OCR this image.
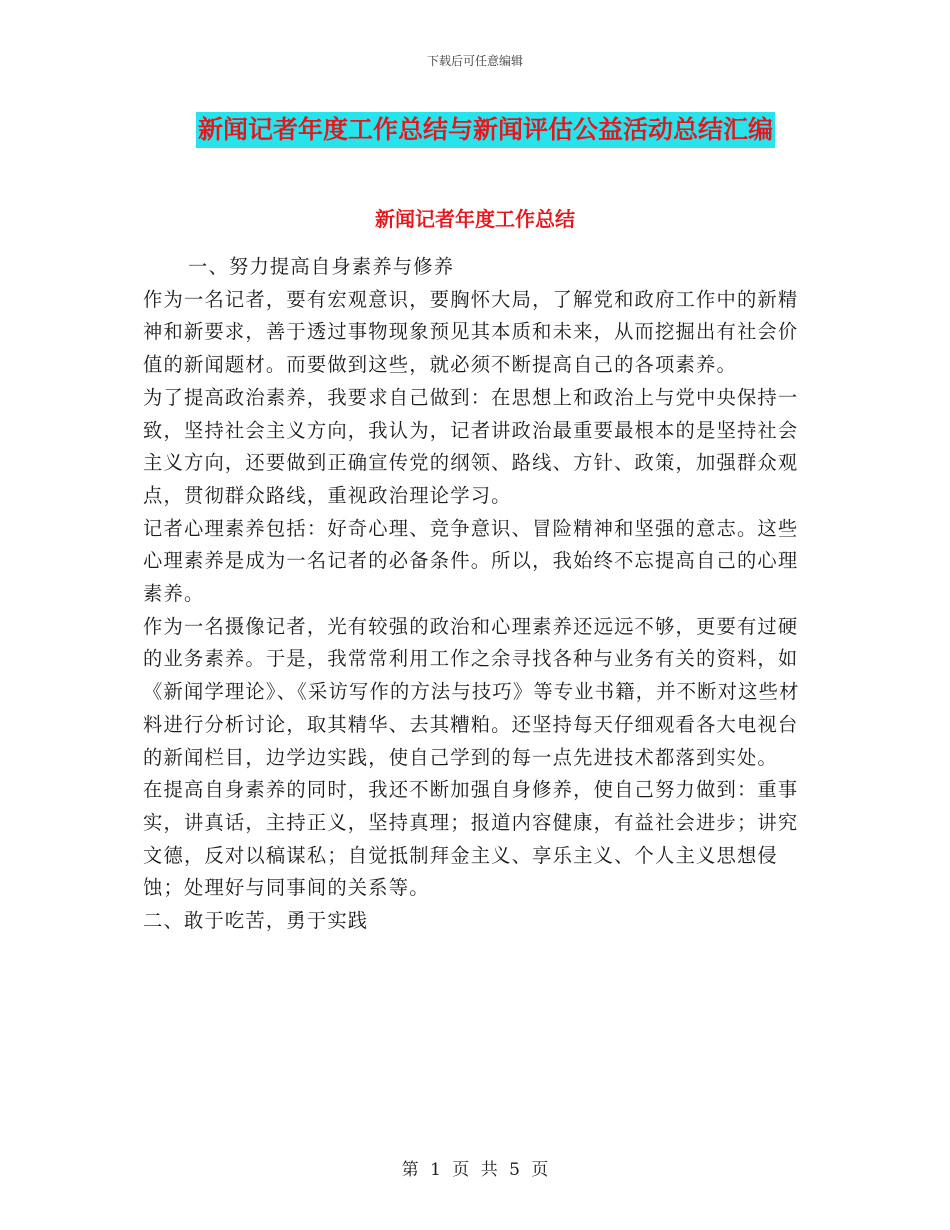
下载后可任意编辑
新闻记者年度工作总结与新闻评估公益活动总结汇编
新闻记者年度工作总结

一、努力提高自身素养与修养

作为一名记者，要有宏观意识，要胸怀大局，了解党和政府工作中的新精神和新要求，善于透过事物现象预见其本质和未来，从而挖掘出有社会价值的新闻题材。而要做到这些，就必须不断提高自己的各项素养。

为了提高政治素养，我要求自己做到：在思想上和政治上与党中央保持一致，坚持社会主义方向，我认为，记者讲政治最重要最根本的是坚持社会主义方向，还要做到正确宣传党的纲领、路线、方针、政策，加强群众观点，贯彻群众路线，重视政治理论学习。

记者心理素养包括：好奇心理、竞争意识、冒险精神和坚强的意志。这些心理素养是成为一名记者的必备条件。所以，我始终不忘提高自己的心理素养。

作为一名摄像记者，光有较强的政治和心理素养还远远不够，更要有过硬的业务素养。于是，我常常利用工作之余寻找各种与业务有关的资料，如《新闻学理论》、《采访写作的方法与技巧》等专业书籍，并不断对这些材料进行分析讨论，取其精华、去其糟粕。还坚持每天仔细观看各大电视台的新闻栏目，边学边实践，使自己学到的每一点先进技术都落到实处。

在提高自身素养的同时，我还不断加强自身修养，使自己努力做到：重事实，讲真话，主持正义，坚持真理；报道内容健康，有益社会进步；讲究文德，反对以稿谋私；自觉抵制拜金主义、享乐主义、个人主义思想侵蚀；处理好与同事间的关系等。

二、敢于吃苦，勇于实践

第 1 页 共 5 页
